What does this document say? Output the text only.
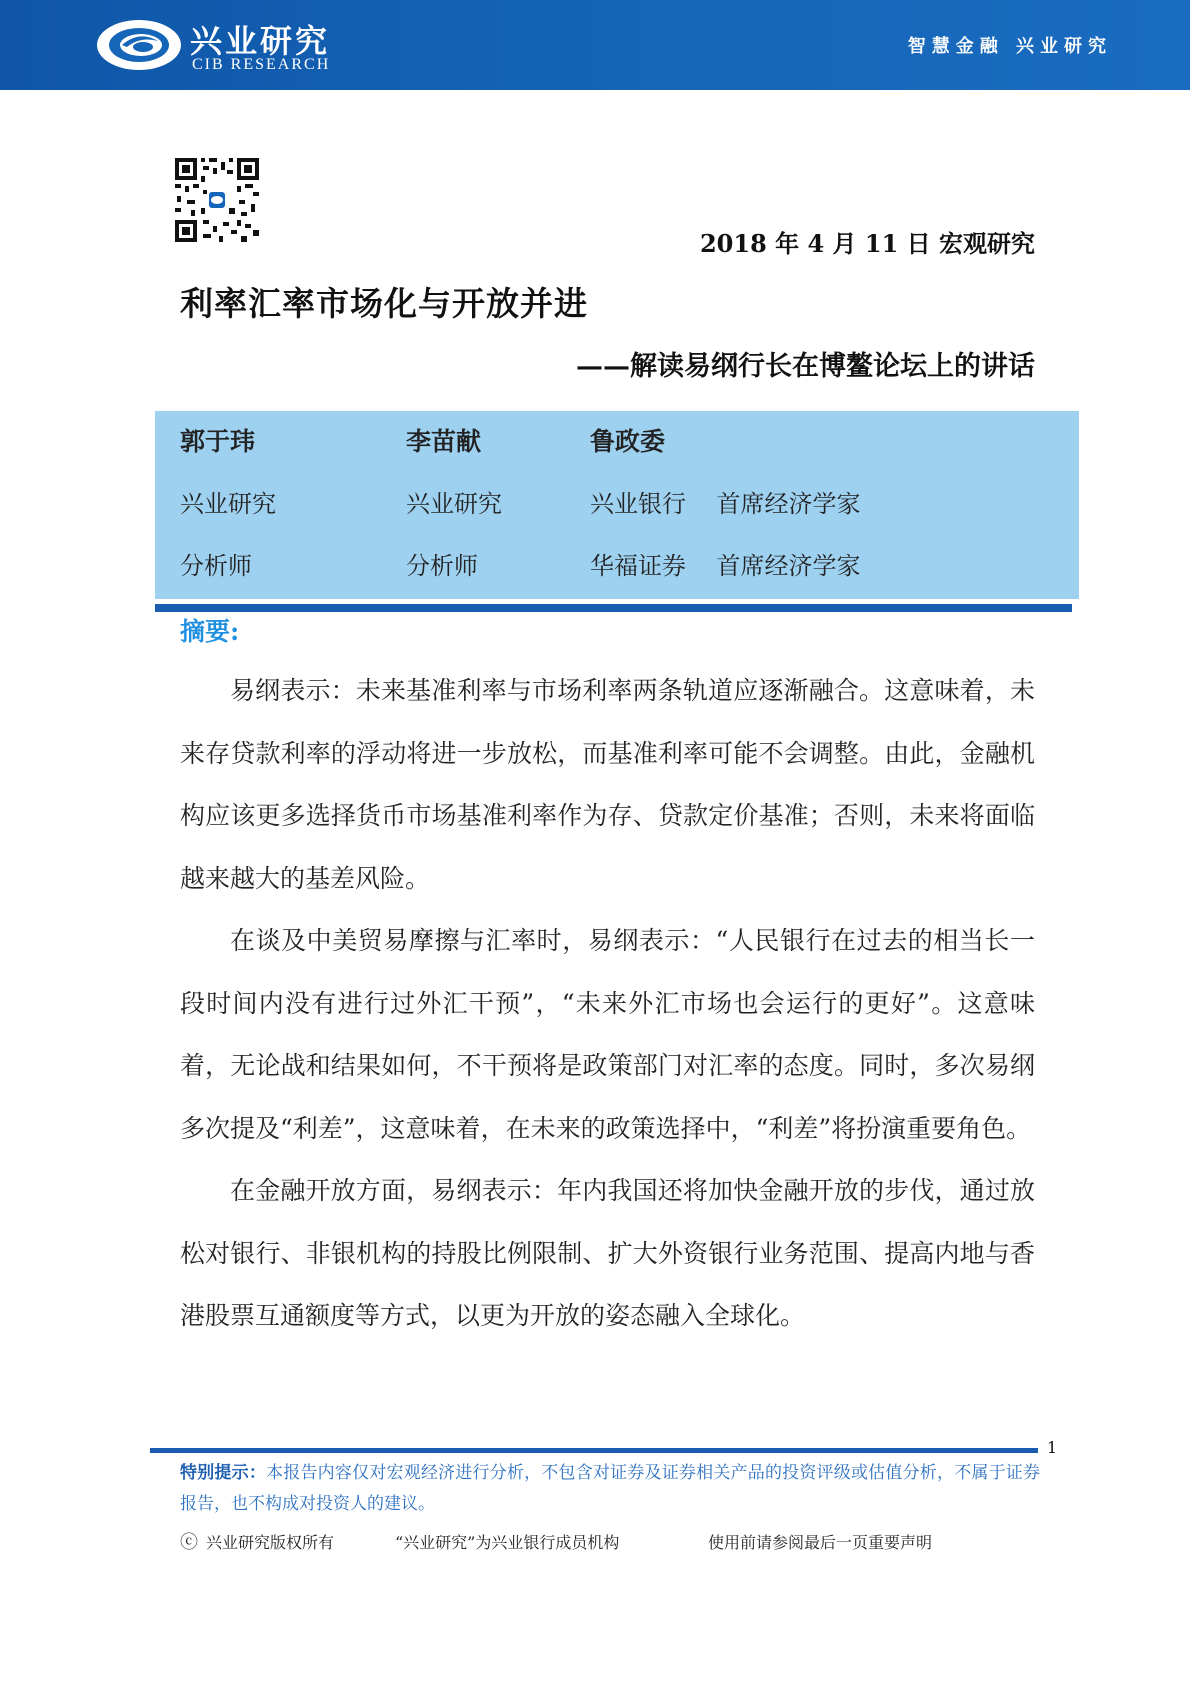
兴业研究
CIB RESEARCH
智慧金融 兴业研究
2018 年 4 月 11 日 宏观研究
利率汇率市场化与开放并进
——解读易纲行长在博鳌论坛上的讲话
郭于玮
兴业研究
分析师
李苗献
兴业研究
分析师
鲁政委
兴业银行    首席经济学家
华福证券    首席经济学家
摘要:

易纲表示：未来基准利率与市场利率两条轨道应逐渐融合。这意味着，未来存贷款利率的浮动将进一步放松，而基准利率可能不会调整。由此，金融机构应该更多选择货币市场基准利率作为存、贷款定价基准；否则，未来将面临越来越大的基差风险。

在谈及中美贸易摩擦与汇率时，易纲表示：“人民银行在过去的相当长一段时间内没有进行过外汇干预”，“未来外汇市场也会运行的更好”。这意味着，无论战和结果如何，不干预将是政策部门对汇率的态度。同时，多次易纲多次提及“利差”，这意味着，在未来的政策选择中，“利差”将扮演重要角色。

在金融开放方面，易纲表示：年内我国还将加快金融开放的步伐，通过放松对银行、非银机构的持股比例限制、扩大外资银行业务范围、提高内地与香港股票互通额度等方式，以更为开放的姿态融入全球化。

1
特别提示：本报告内容仅对宏观经济进行分析，不包含对证券及证券相关产品的投资评级或估值分析，不属于证券报告，也不构成对投资人的建议。
ⓒ 兴业研究版权所有	“兴业研究”为兴业银行成员机构	使用前请参阅最后一页重要声明
